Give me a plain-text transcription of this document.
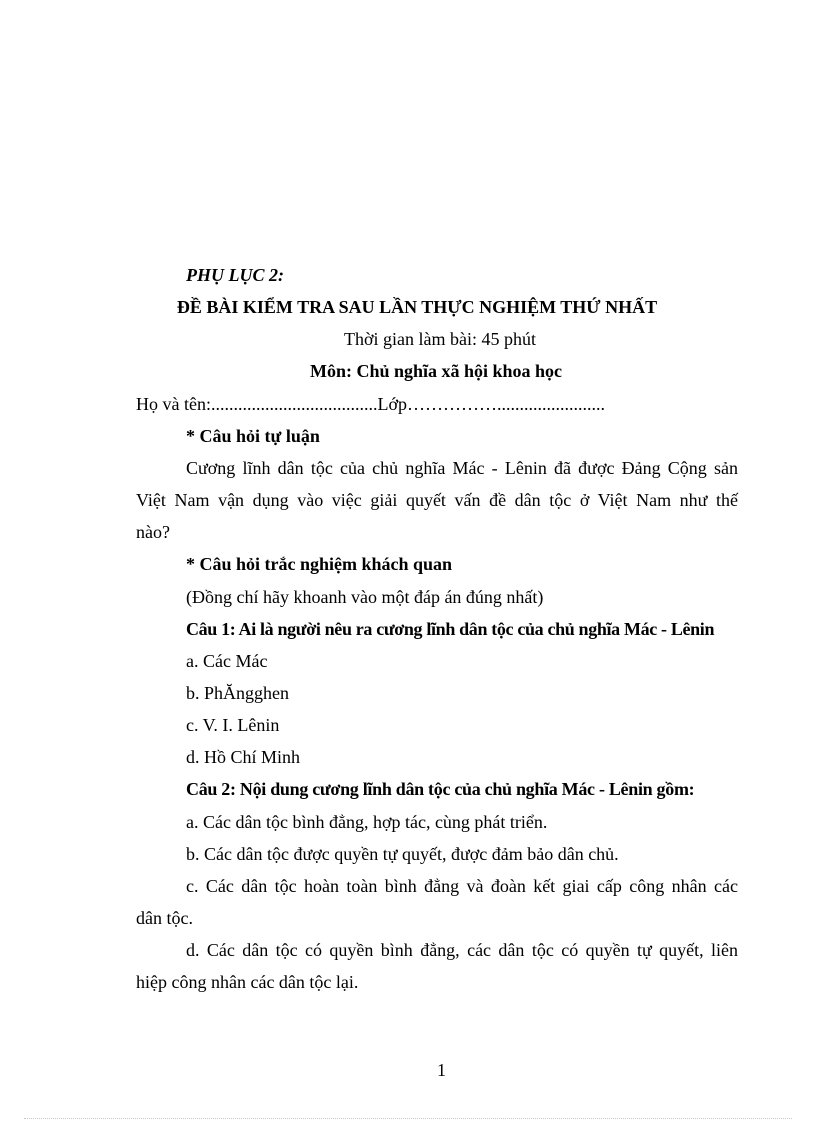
PHỤ LỤC 2:
ĐỀ BÀI KIỂM TRA SAU LẦN THỰC NGHIỆM THỨ NHẤT
Thời gian làm bài: 45 phút
Môn: Chủ nghĩa xã hội khoa học
Họ và tên:.....................................Lớp……………........................
* Câu hỏi tự luận
Cương lĩnh dân tộc của chủ nghĩa Mác - Lênin đã được Đảng Cộng sản
Việt Nam vận dụng vào việc giải quyết vấn đề dân tộc ở Việt Nam như thế
nào?
* Câu hỏi trắc nghiệm khách quan
(Đồng chí hãy khoanh vào một đáp án đúng nhất)
Câu 1: Ai là người nêu ra cương lĩnh dân tộc của chủ nghĩa Mác - Lênin
a. Các Mác
b. PhĂngghen
c. V. I. Lênin
d. Hồ Chí Minh
Câu 2: Nội dung cương lĩnh dân tộc của chủ nghĩa Mác - Lênin gồm:
a. Các dân tộc bình đẳng, hợp tác, cùng phát triển.
b. Các dân tộc được quyền tự quyết, được đảm bảo dân chủ.
c. Các dân tộc hoàn toàn bình đẳng và đoàn kết giai cấp công nhân các
dân tộc.
d. Các dân tộc có quyền bình đẳng, các dân tộc có quyền tự quyết, liên
hiệp công nhân các dân tộc lại.
1
